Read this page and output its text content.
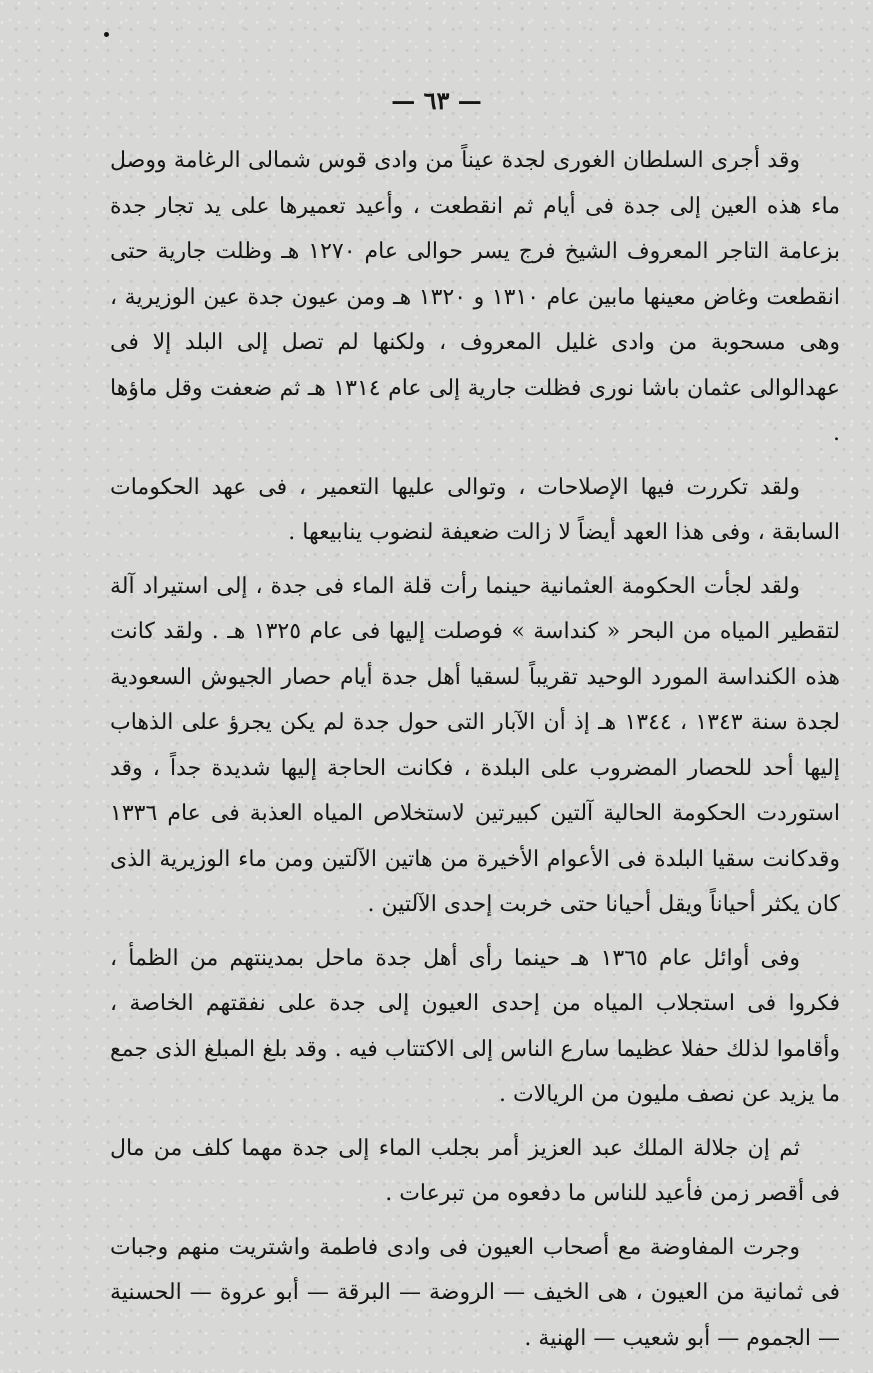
— ٦٣ —

وقد أجرى السلطان الغورى لجدة عيناً من وادى قوس شمالى الرغامة ووصل ماء هذه العين إلى جدة فى أيام ثم انقطعت ، وأعيد تعميرها على يد تجار جدة بزعامة التاجر المعروف الشيخ فرج يسر حوالى عام ١٢٧٠ هـ وظلت جارية حتى انقطعت وغاض معينها مابين عام ١٣١٠ و ١٣٢٠ هـ ومن عيون جدة عين الوزيرية ، وهى مسحوبة من وادى غليل المعروف ، ولكنها لم تصل إلى البلد إلا فى عهدالوالى عثمان باشا نورى فظلت جارية إلى عام ١٣١٤ هـ ثم ضعفت وقل ماؤها .

ولقد تكررت فيها الإصلاحات ، وتوالى عليها التعمير ، فى عهد الحكومات السابقة ، وفى هذا العهد أيضاً لا زالت ضعيفة لنضوب ينابيعها .

ولقد لجأت الحكومة العثمانية حينما رأت قلة الماء فى جدة ، إلى استيراد آلة لتقطير المياه من البحر « كنداسة » فوصلت إليها فى عام ١٣٢٥ هـ . ولقد كانت هذه الكنداسة المورد الوحيد تقريباً لسقيا أهل جدة أيام حصار الجيوش السعودية لجدة سنة ١٣٤٣ ، ١٣٤٤ هـ إذ أن الآبار التى حول جدة لم يكن يجرؤ على الذهاب إليها أحد للحصار المضروب على البلدة ، فكانت الحاجة إليها شديدة جداً ، وقد استوردت الحكومة الحالية آلتين كبيرتين لاستخلاص المياه العذبة فى عام ١٣٣٦ وقدكانت سقيا البلدة فى الأعوام الأخيرة من هاتين الآلتين ومن ماء الوزيرية الذى كان يكثر أحياناً ويقل أحيانا حتى خربت إحدى الآلتين .

وفى أوائل عام ١٣٦٥ هـ حينما رأى أهل جدة ماحل بمدينتهم من الظمأ ، فكروا فى استجلاب المياه من إحدى العيون إلى جدة على نفقتهم الخاصة ، وأقاموا لذلك حفلا عظيما سارع الناس إلى الاكتتاب فيه . وقد بلغ المبلغ الذى جمع ما يزيد عن نصف مليون من الريالات .

ثم إن جلالة الملك عبد العزيز أمر بجلب الماء إلى جدة مهما كلف من مال فى أقصر زمن فأعيد للناس ما دفعوه من تبرعات .

وجرت المفاوضة مع أصحاب العيون فى وادى فاطمة واشتريت منهم وجبات فى ثمانية من العيون ، هى الخيف — الروضة — البرقة — أبو عروة — الحسنية — الجموم — أبو شعيب — الهنية .
